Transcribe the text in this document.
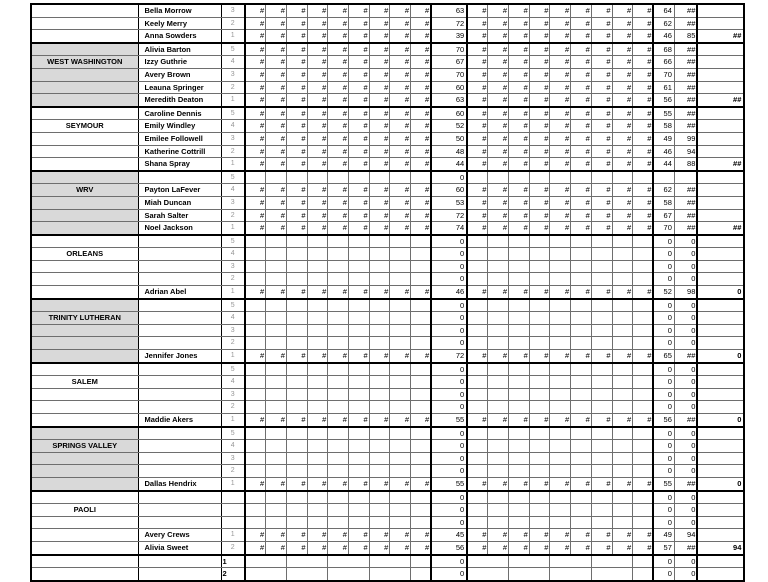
	Bella Morrow	3	#	#	#	#	#	#	#	#	#	63	#	#	#	#	#	#	#	#	#	64	##	
	Keely Merry	2	#	#	#	#	#	#	#	#	#	72	#	#	#	#	#	#	#	#	#	62	##	
	Anna Sowders	1	#	#	#	#	#	#	#	#	#	39	#	#	#	#	#	#	#	#	#	46	85	##
	Alivia Barton	5	#	#	#	#	#	#	#	#	#	70	#	#	#	#	#	#	#	#	#	68	##	
WEST WASHINGTON	Izzy Guthrie	4	#	#	#	#	#	#	#	#	#	67	#	#	#	#	#	#	#	#	#	66	##	
	Avery Brown	3	#	#	#	#	#	#	#	#	#	70	#	#	#	#	#	#	#	#	#	70	##	
	Leauna Springer	2	#	#	#	#	#	#	#	#	#	60	#	#	#	#	#	#	#	#	#	61	##	
	Meredith Deaton	1	#	#	#	#	#	#	#	#	#	63	#	#	#	#	#	#	#	#	#	56	##	##
	Caroline Dennis	5	#	#	#	#	#	#	#	#	#	60	#	#	#	#	#	#	#	#	#	55	##	
SEYMOUR	Emily Windley	4	#	#	#	#	#	#	#	#	#	52	#	#	#	#	#	#	#	#	#	58	##	
	Emilee Followell	3	#	#	#	#	#	#	#	#	#	50	#	#	#	#	#	#	#	#	#	49	99	
	Katherine Cottrill	2	#	#	#	#	#	#	#	#	#	48	#	#	#	#	#	#	#	#	#	46	94	
	Shana Spray	1	#	#	#	#	#	#	#	#	#	44	#	#	#	#	#	#	#	#	#	44	88	##
		5										0												
WRV	Payton LaFever	4	#	#	#	#	#	#	#	#	#	60	#	#	#	#	#	#	#	#	#	62	##	
	Miah Duncan	3	#	#	#	#	#	#	#	#	#	53	#	#	#	#	#	#	#	#	#	58	##	
	Sarah Salter	2	#	#	#	#	#	#	#	#	#	72	#	#	#	#	#	#	#	#	#	67	##	
	Noel Jackson	1	#	#	#	#	#	#	#	#	#	74	#	#	#	#	#	#	#	#	#	70	##	##
		5										0										0	0	
ORLEANS		4										0										0	0	
		3										0										0	0	
		2										0										0	0	
	Adrian Abel	1	#	#	#	#	#	#	#	#	#	46	#	#	#	#	#	#	#	#	#	52	98	0
		5										0										0	0	
TRINITY LUTHERAN		4										0										0	0	
		3										0										0	0	
		2										0										0	0	
	Jennifer Jones	1	#	#	#	#	#	#	#	#	#	72	#	#	#	#	#	#	#	#	#	65	##	0
		5										0										0	0	
SALEM		4										0										0	0	
		3										0										0	0	
		2										0										0	0	
	Maddie Akers	1	#	#	#	#	#	#	#	#	#	55	#	#	#	#	#	#	#	#	#	56	##	0
		5										0										0	0	
SPRINGS VALLEY		4										0										0	0	
		3										0										0	0	
		2										0										0	0	
	Dallas Hendrix	1	#	#	#	#	#	#	#	#	#	55	#	#	#	#	#	#	#	#	#	55	##	0
												0										0	0	
PAOLI												0										0	0	
												0										0	0	
	Avery Crews	1	#	#	#	#	#	#	#	#	#	45	#	#	#	#	#	#	#	#	#	49	94	
	Alivia Sweet	2	#	#	#	#	#	#	#	#	#	56	#	#	#	#	#	#	#	#	#	57	##	94
		1										0										0	0	
		2										0										0	0	
